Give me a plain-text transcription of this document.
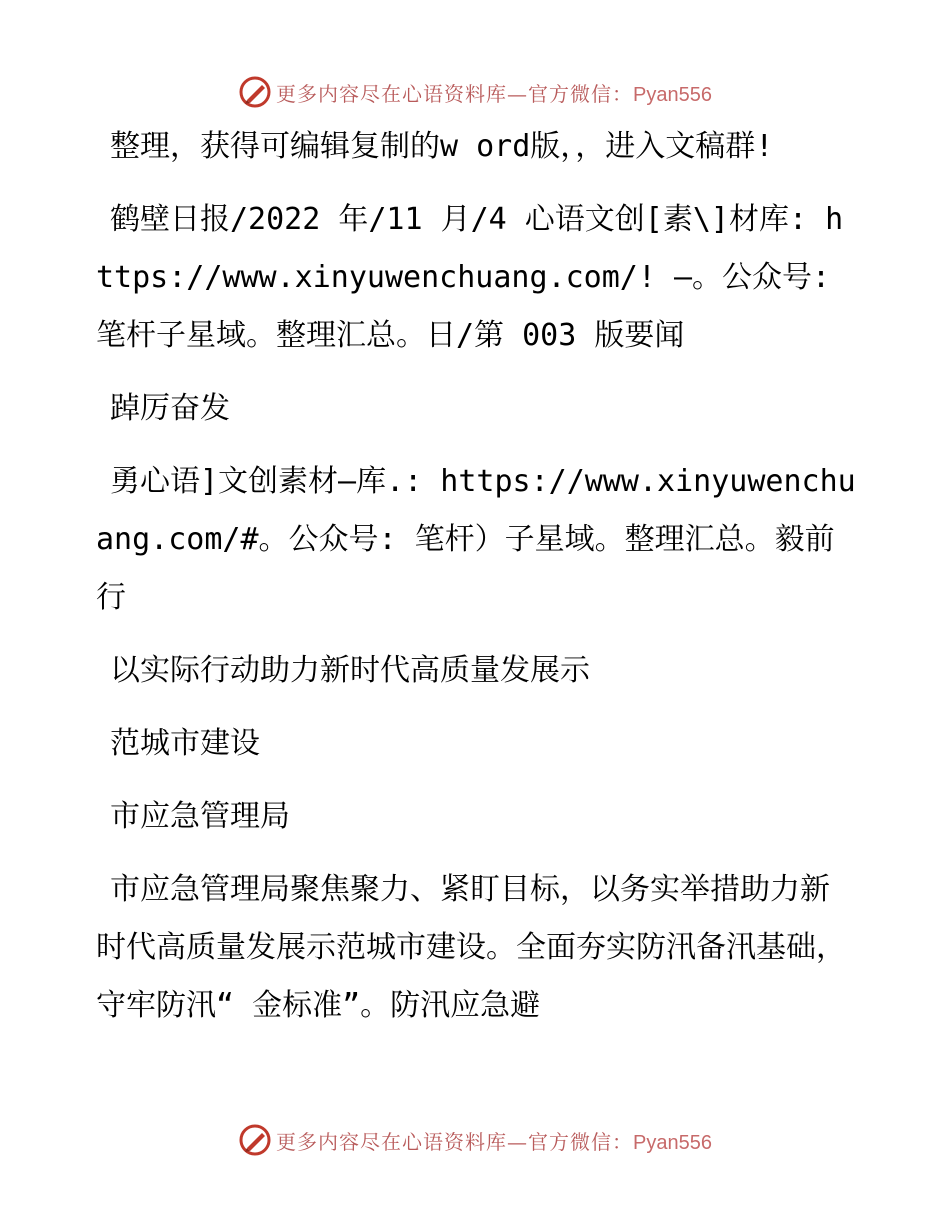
更多内容尽在心语资料库—官方微信：Pyan556

整理，获得可编辑复制的w ord版，，进入文稿群!

鹤壁日报/2022 年/11 月/4 心语文创[素\]材库: https://www.xinyuwenchuang.com/! —。公众号: 笔杆子星域。整理汇总。日/第 003 版要闻

踔厉奋发

勇心语]文创素材—库.: https://www.xinyuwenchuang.com/#。公众号: 笔杆）子星域。整理汇总。毅前行

以实际行动助力新时代高质量发展示

范城市建设

市应急管理局

市应急管理局聚焦聚力、紧盯目标，以务实举措助力新时代高质量发展示范城市建设。全面夯实防汛备汛基础，守牢防汛“ 金标准”。防汛应急避

更多内容尽在心语资料库—官方微信：Pyan556
